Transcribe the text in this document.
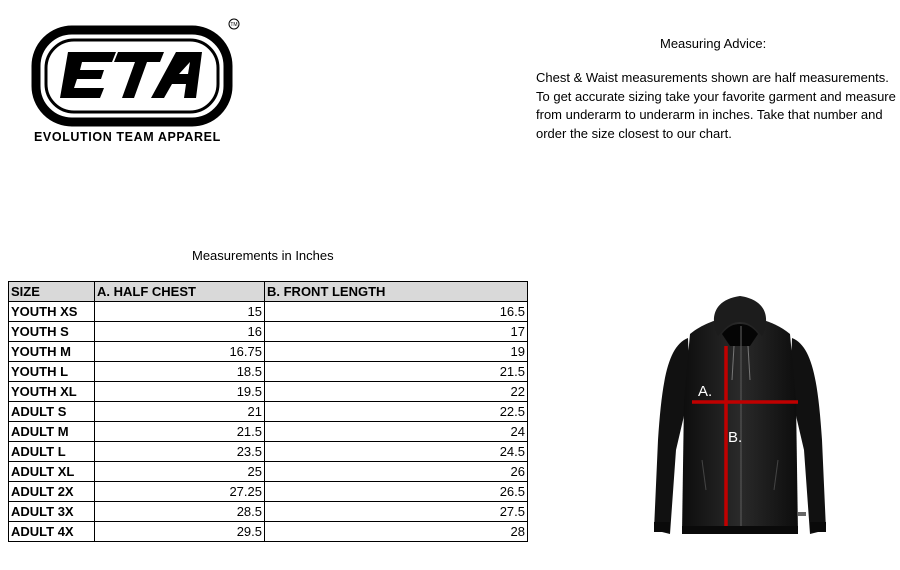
TM
EVOLUTION TEAM APPAREL
Measuring Advice:
Chest & Waist measurements shown are half measurements. To get accurate sizing take your favorite garment and measure from underarm to underarm in inches. Take that number and order the size closest to our chart.
Measurements in Inches
SIZE	A. HALF CHEST	B. FRONT LENGTH
YOUTH XS	15	16.5
YOUTH S	16	17
YOUTH M	16.75	19
YOUTH L	18.5	21.5
YOUTH XL	19.5	22
ADULT S	21	22.5
ADULT M	21.5	24
ADULT L	23.5	24.5
ADULT XL	25	26
ADULT 2X	27.25	26.5
ADULT 3X	28.5	27.5
ADULT 4X	29.5	28
A.
B.
